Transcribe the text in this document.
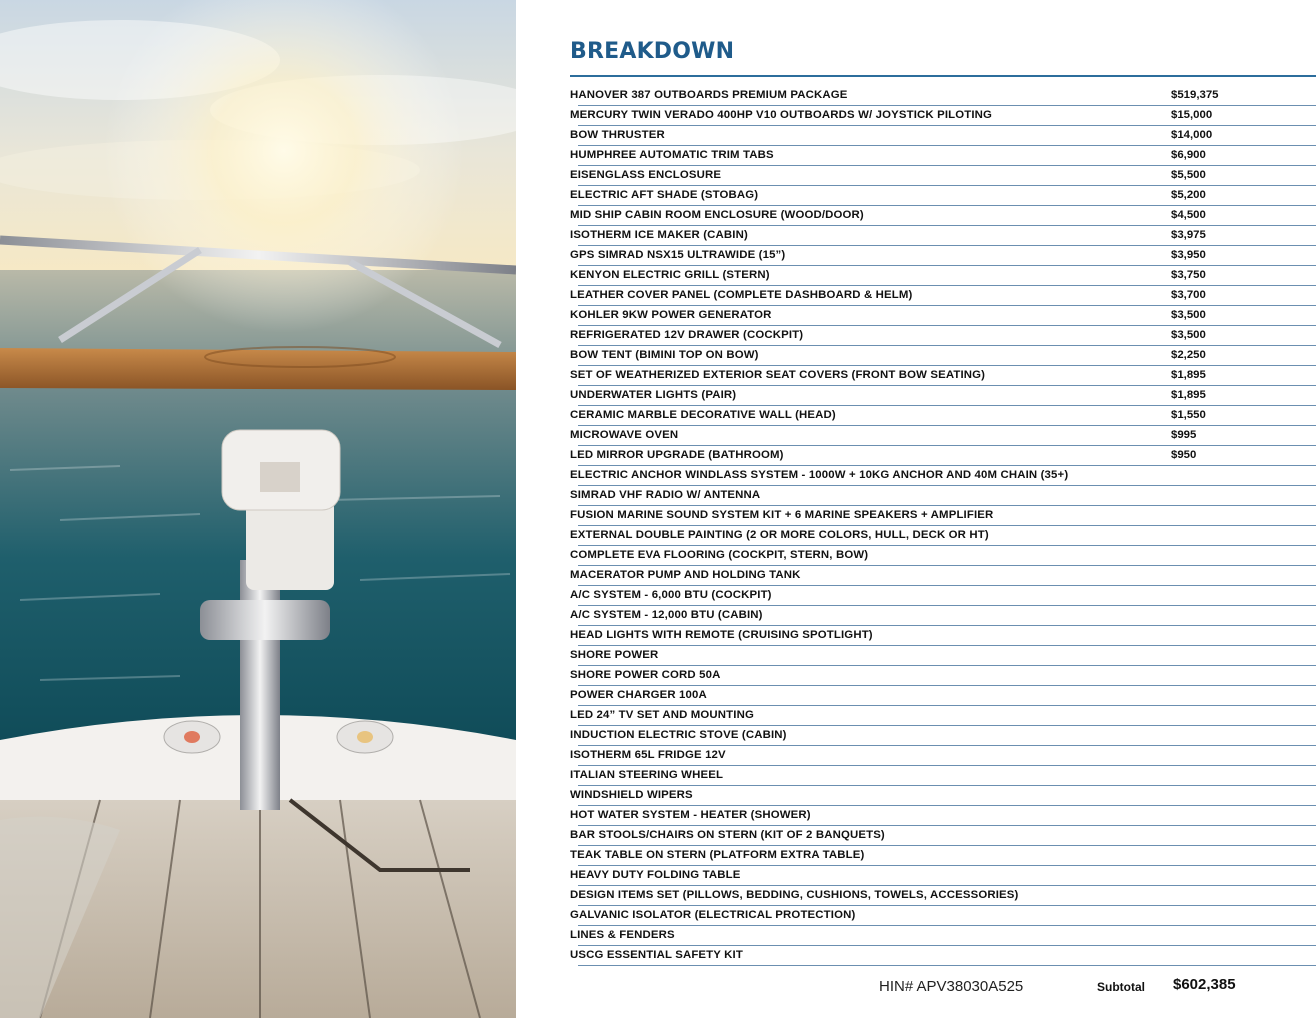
BREAKDOWN
HANOVER 387 OUTBOARDS PREMIUM PACKAGE	$519,375
MERCURY TWIN VERADO 400HP V10 OUTBOARDS W/ JOYSTICK PILOTING	$15,000
BOW THRUSTER	$14,000
HUMPHREE AUTOMATIC TRIM TABS	$6,900
EISENGLASS ENCLOSURE	$5,500
ELECTRIC AFT SHADE (STOBAG)	$5,200
MID SHIP CABIN ROOM ENCLOSURE (WOOD/DOOR)	$4,500
ISOTHERM ICE MAKER (CABIN)	$3,975
GPS SIMRAD NSX15 ULTRAWIDE (15”)	$3,950
KENYON ELECTRIC GRILL (STERN)	$3,750
LEATHER COVER PANEL (COMPLETE DASHBOARD & HELM)	$3,700
KOHLER 9KW POWER GENERATOR	$3,500
REFRIGERATED 12V DRAWER (COCKPIT)	$3,500
BOW TENT (BIMINI TOP ON BOW)	$2,250
SET OF WEATHERIZED EXTERIOR SEAT COVERS (FRONT BOW SEATING)	$1,895
UNDERWATER LIGHTS (PAIR)	$1,895
CERAMIC MARBLE DECORATIVE WALL (HEAD)	$1,550
MICROWAVE OVEN	$995
LED MIRROR UPGRADE (BATHROOM)	$950
ELECTRIC ANCHOR WINDLASS SYSTEM - 1000W + 10KG ANCHOR AND 40M CHAIN (35+)
SIMRAD VHF RADIO W/ ANTENNA
FUSION MARINE SOUND SYSTEM KIT + 6 MARINE SPEAKERS + AMPLIFIER
EXTERNAL DOUBLE PAINTING (2 OR MORE COLORS, HULL, DECK OR HT)
COMPLETE EVA FLOORING (COCKPIT, STERN, BOW)
MACERATOR PUMP AND HOLDING TANK
A/C SYSTEM - 6,000 BTU (COCKPIT)
A/C SYSTEM - 12,000 BTU (CABIN)
HEAD LIGHTS WITH REMOTE (CRUISING SPOTLIGHT)
SHORE POWER
SHORE POWER CORD 50A
POWER CHARGER 100A
LED 24” TV SET AND MOUNTING
INDUCTION ELECTRIC STOVE (CABIN)
ISOTHERM 65L FRIDGE 12V
ITALIAN STEERING WHEEL
WINDSHIELD WIPERS
HOT WATER SYSTEM - HEATER (SHOWER)
BAR STOOLS/CHAIRS ON STERN (KIT OF 2 BANQUETS)
TEAK TABLE ON STERN (PLATFORM EXTRA TABLE)
HEAVY DUTY FOLDING TABLE
DESIGN ITEMS SET (PILLOWS, BEDDING, CUSHIONS, TOWELS, ACCESSORIES)
GALVANIC ISOLATOR (ELECTRICAL PROTECTION)
LINES & FENDERS
USCG ESSENTIAL SAFETY KIT
HIN# APV38030A525	Subtotal $602,385
